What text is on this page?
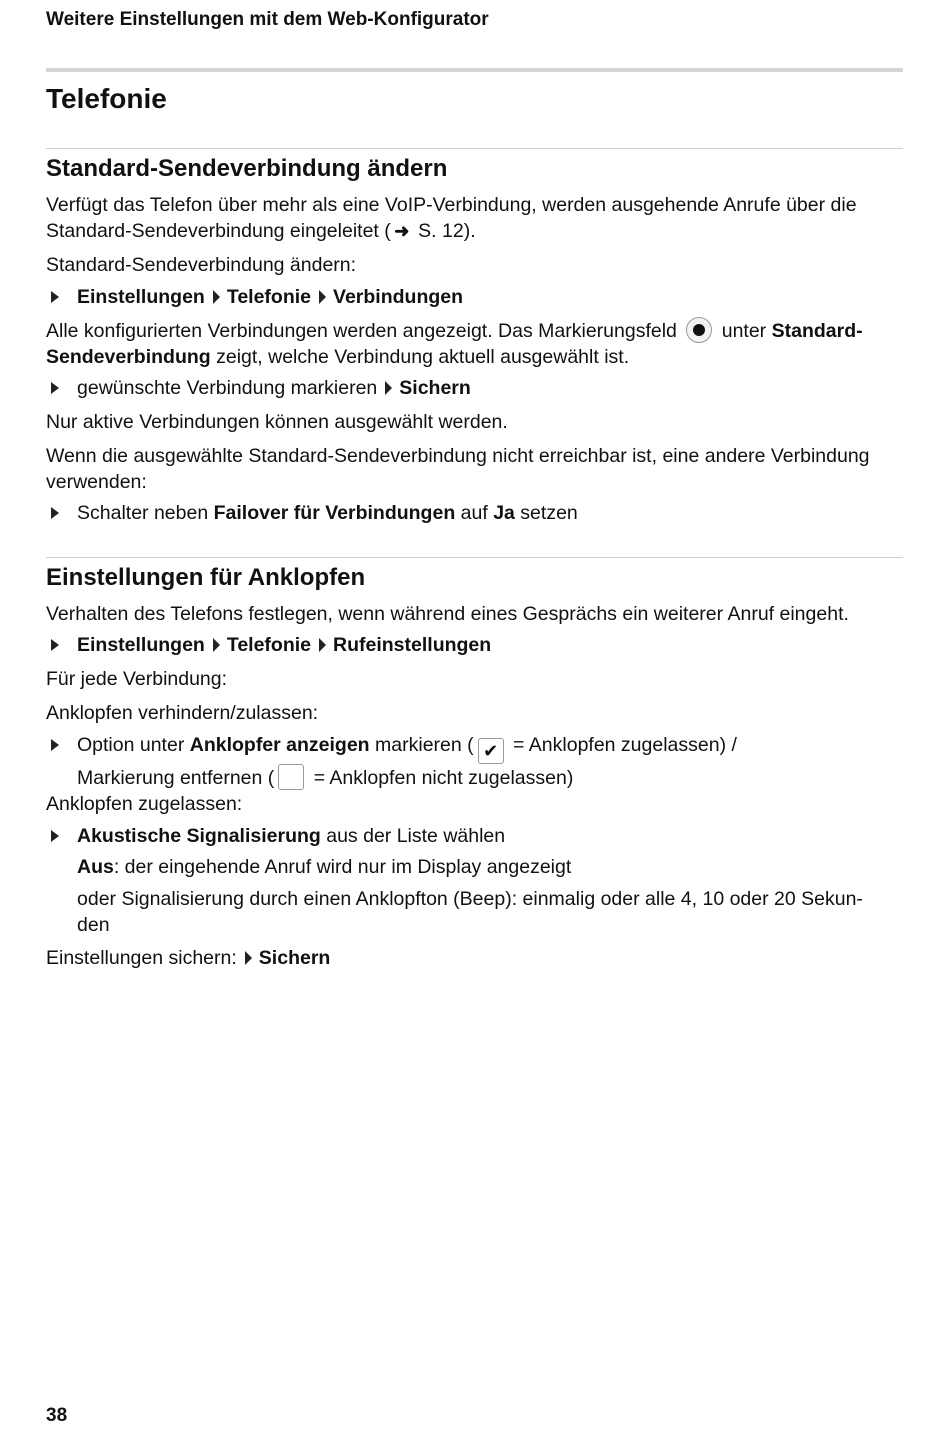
Weitere Einstellungen mit dem Web-Konfigurator
Telefonie
Standard-Sendeverbindung ändern
Verfügt das Telefon über mehr als eine VoIP-Verbindung, werden ausgehende Anrufe über die
Standard-Sendeverbindung eingeleitet ( ➜ S. 12).
Standard-Sendeverbindung ändern:
Einstellungen Telefonie Verbindungen
Alle konfigurierten Verbindungen werden angezeigt. Das Markierungsfeld unter Standard-
Sendeverbindung zeigt, welche Verbindung aktuell ausgewählt ist.
gewünschte Verbindung markieren Sichern
Nur aktive Verbindungen können ausgewählt werden.
Wenn die ausgewählte Standard-Sendeverbindung nicht erreichbar ist, eine andere Verbindung
verwenden:
Schalter neben Failover für Verbindungen auf Ja setzen
Einstellungen für Anklopfen
Verhalten des Telefons festlegen, wenn während eines Gesprächs ein weiterer Anruf eingeht.
Einstellungen Telefonie Rufeinstellungen
Für jede Verbindung:
Anklopfen verhindern/zulassen:
Option unter Anklopfer anzeigen markieren ( ✔ = Anklopfen zugelassen) /
Markierung entfernen ( = Anklopfen nicht zugelassen)
Anklopfen zugelassen:
Akustische Signalisierung aus der Liste wählen
Aus: der eingehende Anruf wird nur im Display angezeigt
oder Signalisierung durch einen Anklopfton (Beep): einmalig oder alle 4, 10 oder 20 Sekun-
den
Einstellungen sichern: Sichern
38
